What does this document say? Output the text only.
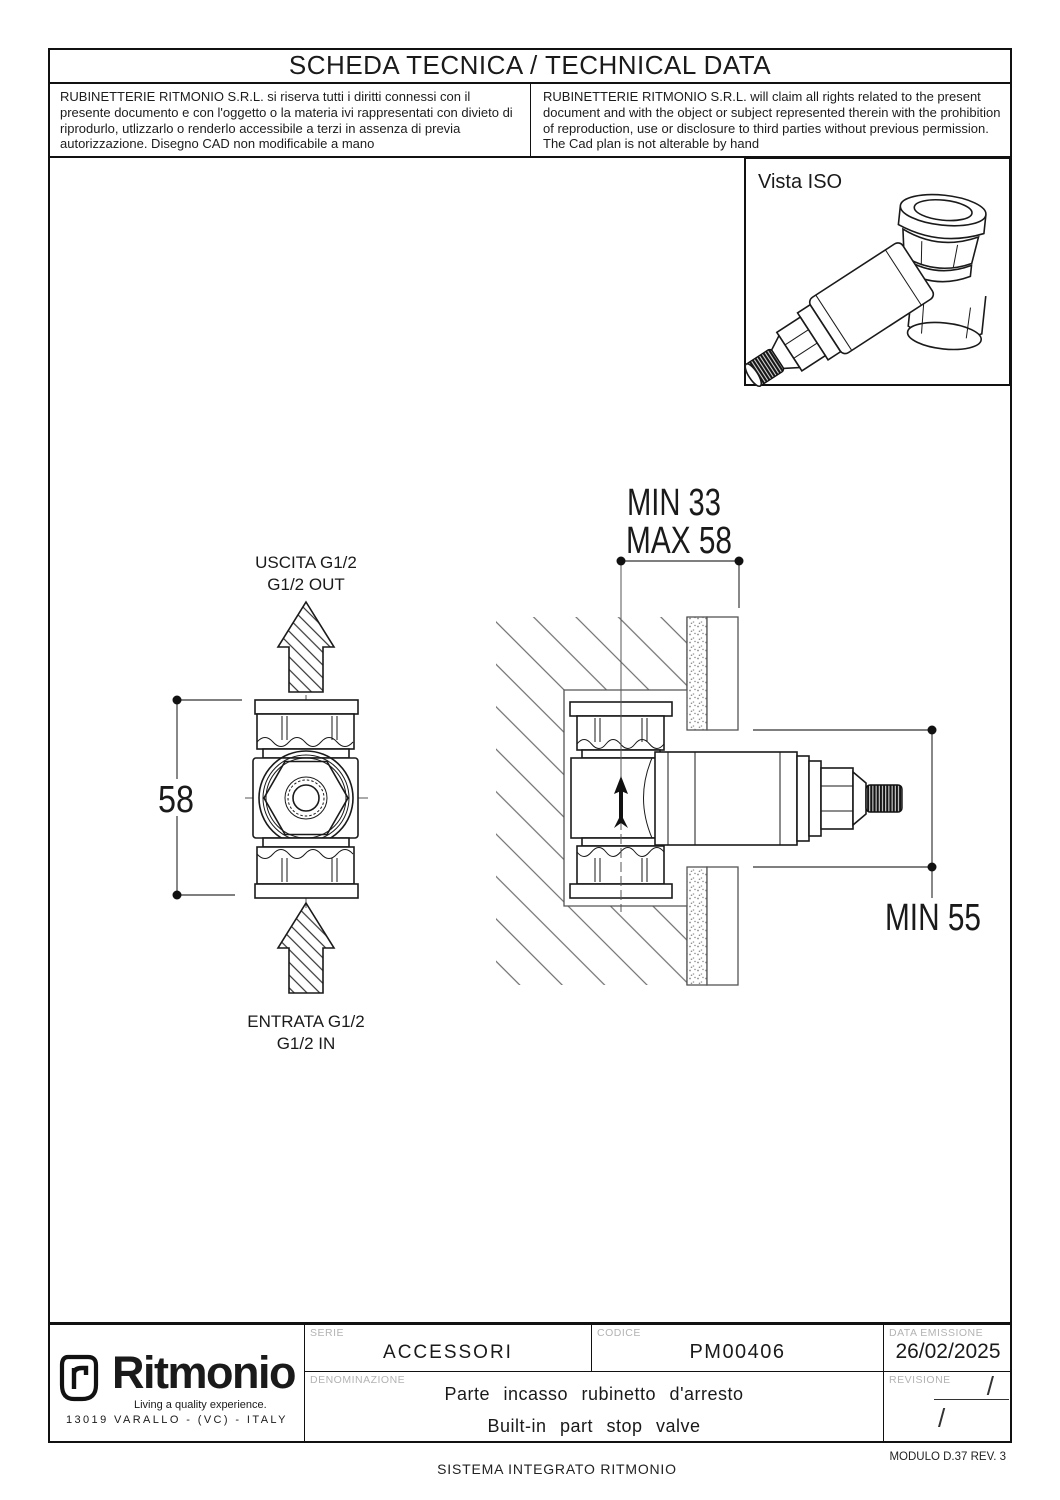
SCHEDA TECNICA / TECHNICAL DATA
RUBINETTERIE RITMONIO S.R.L. si riserva tutti i diritti connessi con il presente documento e con l'oggetto o la materia ivi rappresentati con divieto di riprodurlo, utlizzarlo o renderlo accessibile a terzi in assenza di previa autorizzazione. Disegno CAD non modificabile a mano
RUBINETTERIE RITMONIO S.R.L. will claim all rights related to the present document and with the object or subject represented therein with the prohibition of reproduction, use or disclosure to third parties without previous permission. The Cad plan is not alterable by hand
Vista ISO
USCITA G1/2
G1/2 OUT
58
ENTRATA G1/2
G1/2 IN
MIN 33
MAX 58
MIN 55
Ritmonio
Living a quality experience.
13019 VARALLO - (VC) - ITALY
SERIE
ACCESSORI
CODICE
PM00406
DATA EMISSIONE
26/02/2025
DENOMINAZIONE
Parte incasso rubinetto d'arresto
Built-in part stop valve
REVISIONE /
/
MODULO D.37 REV. 3
SISTEMA INTEGRATO RITMONIO
